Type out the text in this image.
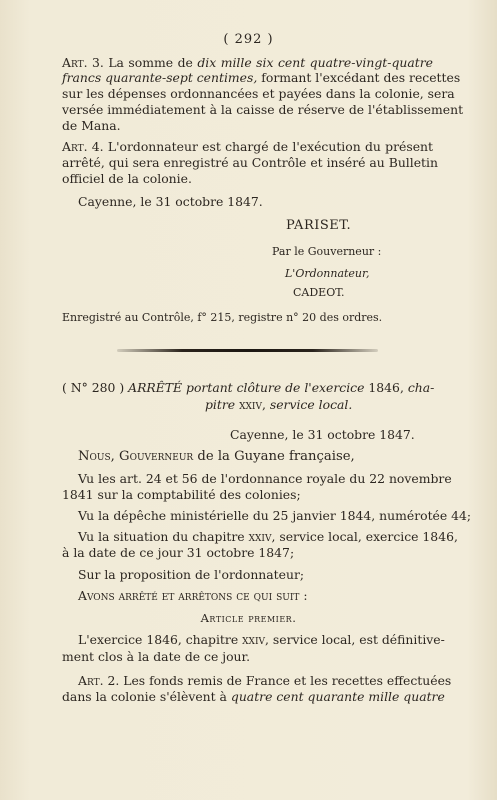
( 292 )
Art. 3. La somme de dix mille six cent quatre-vingt-quatre
francs quarante-sept centimes, formant l'excédant des recettes
sur les dépenses ordonnancées et payées dans la colonie, sera
versée immédiatement à la caisse de réserve de l'établissement
de Mana.
Art. 4. L'ordonnateur est chargé de l'exécution du présent
arrêté, qui sera enregistré au Contrôle et inséré au Bulletin
officiel de la colonie.
Cayenne, le 31 octobre 1847.
PARISET.
Par le Gouverneur :
L'Ordonnateur,
CADEOT.
Enregistré au Contrôle, f° 215, registre n° 20 des ordres.
( N° 280 ) ARRÊTÉ portant clôture de l'exercice 1846, cha-
pitre xxiv, service local.
Cayenne, le 31 octobre 1847.
Nous, Gouverneur de la Guyane française,
Vu les art. 24 et 56 de l'ordonnance royale du 22 novembre
1841 sur la comptabilité des colonies;
Vu la dépêche ministérielle du 25 janvier 1844, numérotée 44;
Vu la situation du chapitre xxiv, service local, exercice 1846,
à la date de ce jour 31 octobre 1847;
Sur la proposition de l'ordonnateur;
Avons arrêté et arrêtons ce qui suit :
Article premier.
L'exercice 1846, chapitre xxiv, service local, est définitive-
ment clos à la date de ce jour.
Art. 2. Les fonds remis de France et les recettes effectuées
dans la colonie s'élèvent à quatre cent quarante mille quatre
